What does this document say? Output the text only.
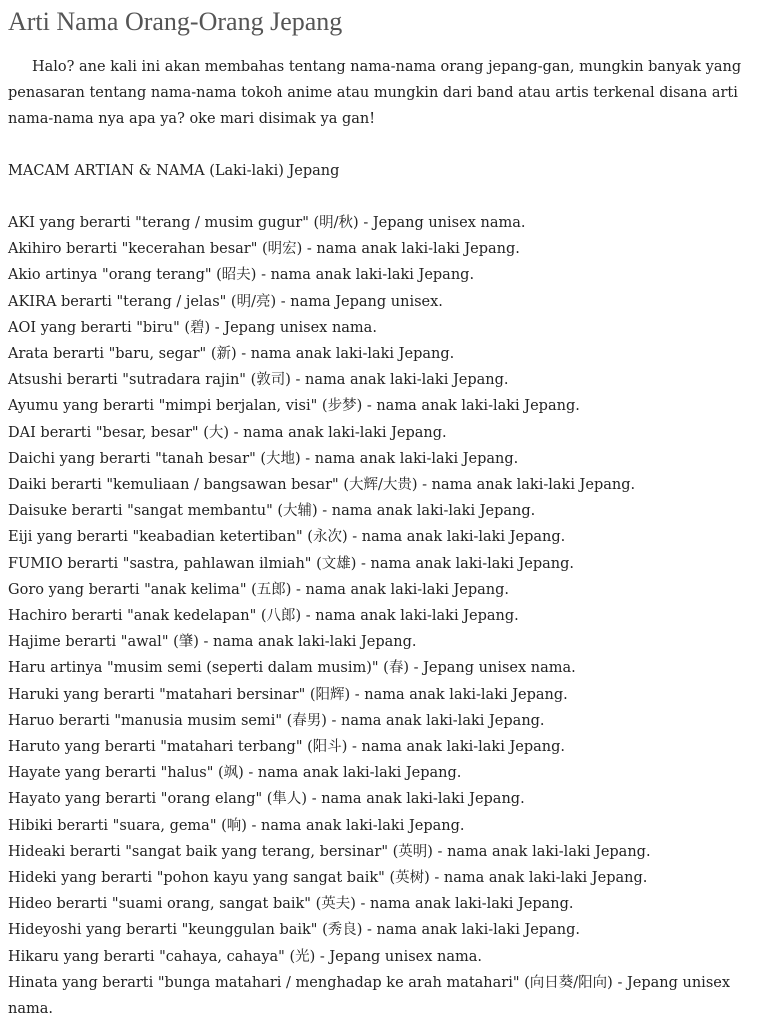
Arti Nama Orang-Orang Jepang

Halo? ane kali ini akan membahas tentang nama-nama orang jepang-gan, mungkin banyak yang penasaran tentang nama-nama tokoh anime atau mungkin dari band atau artis terkenal disana arti nama-nama nya apa ya? oke mari disimak ya gan!

MACAM ARTIAN & NAMA (Laki-laki) Jepang

AKI yang berarti "terang / musim gugur" (明/秋) - Jepang unisex nama.
Akihiro berarti "kecerahan besar" (明宏) - nama anak laki-laki Jepang.
Akio artinya "orang terang" (昭夫) - nama anak laki-laki Jepang.
AKIRA berarti "terang / jelas" (明/亮) - nama Jepang unisex.
AOI yang berarti "biru" (碧) - Jepang unisex nama.
Arata berarti "baru, segar" (新) - nama anak laki-laki Jepang.
Atsushi berarti "sutradara rajin" (敦司) - nama anak laki-laki Jepang.
Ayumu yang berarti "mimpi berjalan, visi" (步梦) - nama anak laki-laki Jepang.
DAI berarti "besar, besar" (大) - nama anak laki-laki Jepang.
Daichi yang berarti "tanah besar" (大地) - nama anak laki-laki Jepang.
Daiki berarti "kemuliaan / bangsawan besar" (大辉/大贵) - nama anak laki-laki Jepang.
Daisuke berarti "sangat membantu" (大辅) - nama anak laki-laki Jepang.
Eiji yang berarti "keabadian ketertiban" (永次) - nama anak laki-laki Jepang.
FUMIO berarti "sastra, pahlawan ilmiah" (文雄) - nama anak laki-laki Jepang.
Goro yang berarti "anak kelima" (五郎) - nama anak laki-laki Jepang.
Hachiro berarti "anak kedelapan" (八郎) - nama anak laki-laki Jepang.
Hajime berarti "awal" (肇) - nama anak laki-laki Jepang.
Haru artinya "musim semi (seperti dalam musim)" (春) - Jepang unisex nama.
Haruki yang berarti "matahari bersinar" (阳辉) - nama anak laki-laki Jepang.
Haruo berarti "manusia musim semi" (春男) - nama anak laki-laki Jepang.
Haruto yang berarti "matahari terbang" (阳斗) - nama anak laki-laki Jepang.
Hayate yang berarti "halus" (飒) - nama anak laki-laki Jepang.
Hayato yang berarti "orang elang" (隼人) - nama anak laki-laki Jepang.
Hibiki berarti "suara, gema" (响) - nama anak laki-laki Jepang.
Hideaki berarti "sangat baik yang terang, bersinar" (英明) - nama anak laki-laki Jepang.
Hideki yang berarti "pohon kayu yang sangat baik" (英树) - nama anak laki-laki Jepang.
Hideo berarti "suami orang, sangat baik" (英夫) - nama anak laki-laki Jepang.
Hideyoshi yang berarti "keunggulan baik" (秀良) - nama anak laki-laki Jepang.
Hikaru yang berarti "cahaya, cahaya" (光) - Jepang unisex nama.
Hinata yang berarti "bunga matahari / menghadap ke arah matahari" (向日葵/阳向) - Jepang unisex nama.
